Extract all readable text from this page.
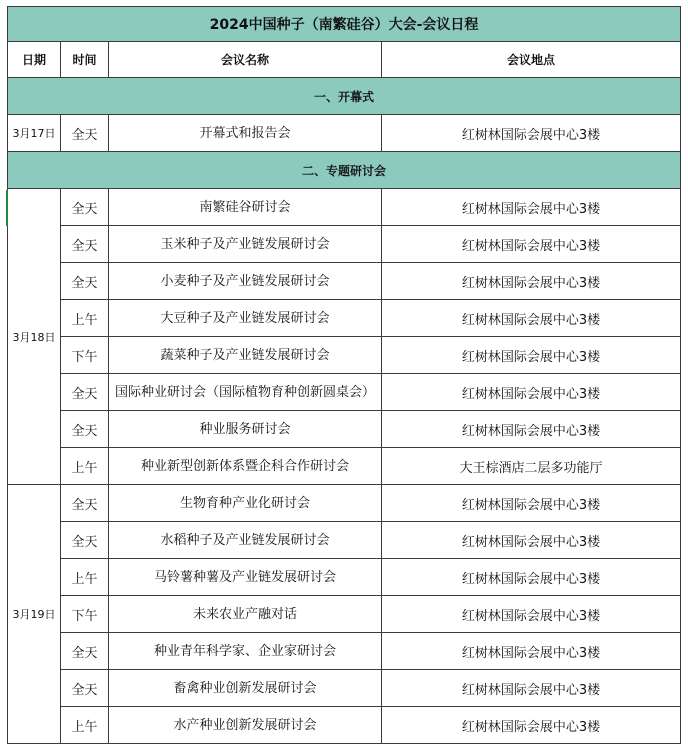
2024中国种子（南繁硅谷）大会-会议日程			
日期	时间	会议名称	会议地点
一、开幕式			
3月17日	全天	开幕式和报告会	红树林国际会展中心3楼
二、专题研讨会			
3月18日	全天	南繁硅谷研讨会	红树林国际会展中心3楼
	全天	玉米种子及产业链发展研讨会	红树林国际会展中心3楼
	全天	小麦种子及产业链发展研讨会	红树林国际会展中心3楼
	上午	大豆种子及产业链发展研讨会	红树林国际会展中心3楼
	下午	蔬菜种子及产业链发展研讨会	红树林国际会展中心3楼
	全天	国际种业研讨会（国际植物育种创新圆桌会）	红树林国际会展中心3楼
	全天	种业服务研讨会	红树林国际会展中心3楼
	上午	种业新型创新体系暨企科合作研讨会	大王棕酒店二层多功能厅
3月19日	全天	生物育种产业化研讨会	红树林国际会展中心3楼
	全天	水稻种子及产业链发展研讨会	红树林国际会展中心3楼
	上午	马铃薯种薯及产业链发展研讨会	红树林国际会展中心3楼
	下午	未来农业产融对话	红树林国际会展中心3楼
	全天	种业青年科学家、企业家研讨会	红树林国际会展中心3楼
	全天	畜禽种业创新发展研讨会	红树林国际会展中心3楼
	上午	水产种业创新发展研讨会	红树林国际会展中心3楼
